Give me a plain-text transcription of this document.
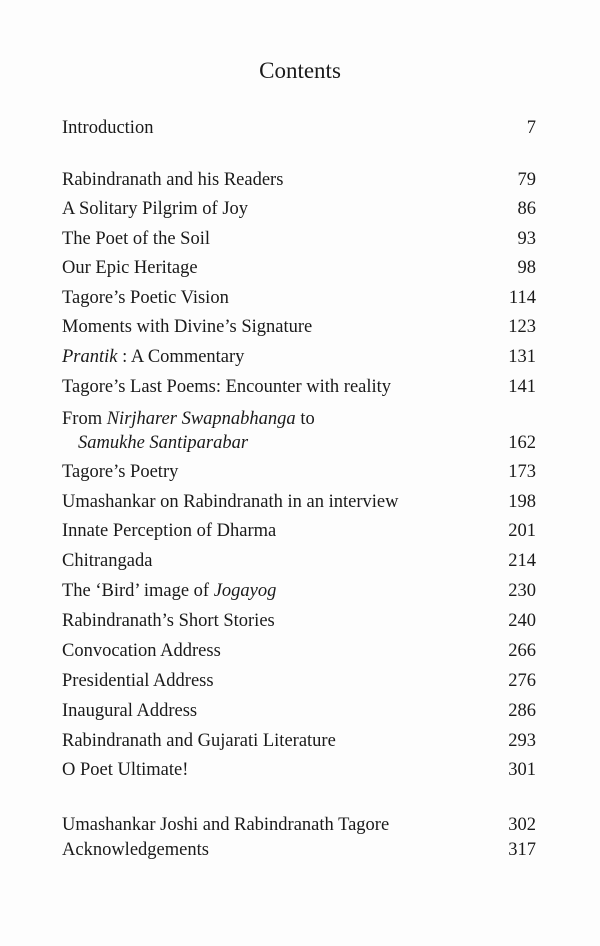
Contents
Introduction	7
Rabindranath and his Readers	79
A Solitary Pilgrim of Joy	86
The Poet of the Soil	93
Our Epic Heritage	98
Tagore’s Poetic Vision	114
Moments with Divine’s Signature	123
Prantik : A Commentary	131
Tagore’s Last Poems: Encounter with reality	141
From Nirjharer Swapnabhanga to
Samukhe Santiparabar	162
Tagore’s Poetry	173
Umashankar on Rabindranath in an interview	198
Innate Perception of Dharma	201
Chitrangada	214
The ‘Bird’ image of Jogayog	230
Rabindranath’s Short Stories	240
Convocation Address	266
Presidential Address	276
Inaugural Address	286
Rabindranath and Gujarati Literature	293
O Poet Ultimate!	301
Umashankar Joshi and Rabindranath Tagore	302
Acknowledgements	317
